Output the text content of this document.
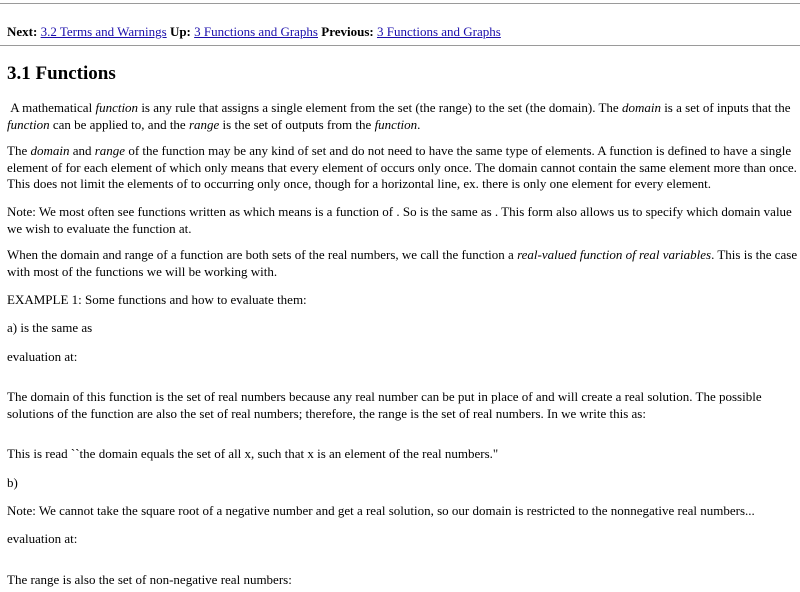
Next: 3.2 Terms and Warnings Up: 3 Functions and Graphs Previous: 3 Functions and Graphs
3.1 Functions

A mathematical function is any rule that assigns a single element from the set (the range) to the set (the domain). The domain is a set of inputs that the function can be applied to, and the range is the set of outputs from the function.

The domain and range of the function may be any kind of set and do not need to have the same type of elements. A function is defined to have a single element of for each element of which only means that every element of occurs only once. The domain cannot contain the same element more than once. This does not limit the elements of to occurring only once, though for a horizontal line, ex. there is only one element for every element.

Note: We most often see functions written as which means is a function of . So is the same as . This form also allows us to specify which domain value we wish to evaluate the function at.

When the domain and range of a function are both sets of the real numbers, we call the function a real-valued function of real variables. This is the case with most of the functions we will be working with.

EXAMPLE 1: Some functions and how to evaluate them:

a) is the same as

evaluation at:

The domain of this function is the set of real numbers because any real number can be put in place of and will create a real solution. The possible solutions of the function are also the set of real numbers; therefore, the range is the set of real numbers. In we write this as:

This is read ``the domain equals the set of all x, such that x is an element of the real numbers."

b)

Note: We cannot take the square root of a negative number and get a real solution, so our domain is restricted to the nonnegative real numbers...

evaluation at:

The range is also the set of non-negative real numbers:
